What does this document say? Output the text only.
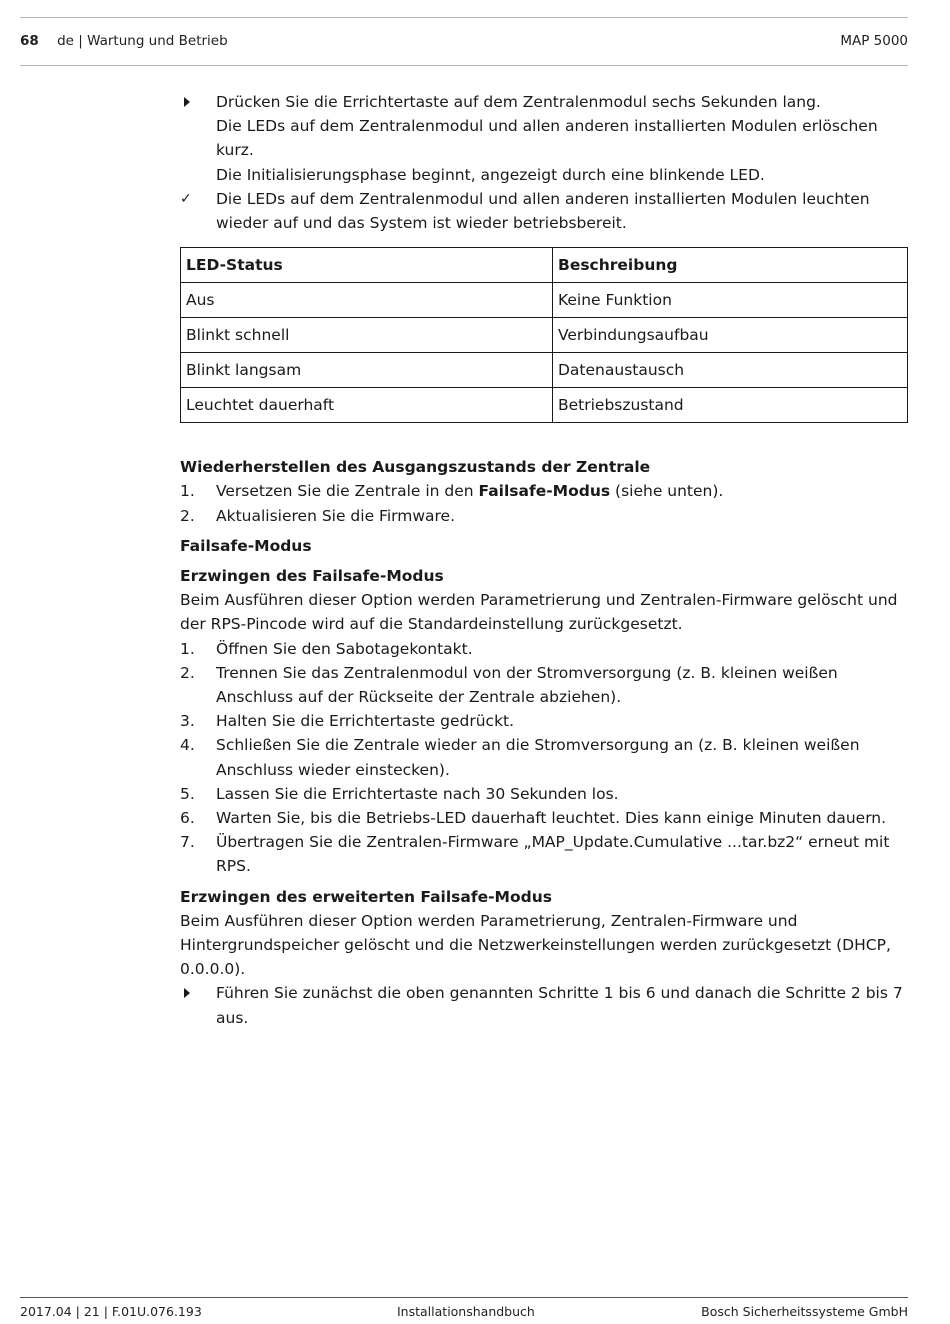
68 de | Wartung und Betrieb	MAP 5000
Drücken Sie die Errichtertaste auf dem Zentralenmodul sechs Sekunden lang.
Die LEDs auf dem Zentralenmodul und allen anderen installierten Modulen erlöschen kurz.
Die Initialisierungsphase beginnt, angezeigt durch eine blinkende LED.
✓ Die LEDs auf dem Zentralenmodul und allen anderen installierten Modulen leuchten wieder auf und das System ist wieder betriebsbereit.
LED-Status	Beschreibung
Aus	Keine Funktion
Blinkt schnell	Verbindungsaufbau
Blinkt langsam	Datenaustausch
Leuchtet dauerhaft	Betriebszustand
Wiederherstellen des Ausgangszustands der Zentrale
1. Versetzen Sie die Zentrale in den Failsafe-Modus (siehe unten).
2. Aktualisieren Sie die Firmware.
Failsafe-Modus
Erzwingen des Failsafe-Modus
Beim Ausführen dieser Option werden Parametrierung und Zentralen-Firmware gelöscht und der RPS-Pincode wird auf die Standardeinstellung zurückgesetzt.
1. Öffnen Sie den Sabotagekontakt.
2. Trennen Sie das Zentralenmodul von der Stromversorgung (z. B. kleinen weißen Anschluss auf der Rückseite der Zentrale abziehen).
3. Halten Sie die Errichtertaste gedrückt.
4. Schließen Sie die Zentrale wieder an die Stromversorgung an (z. B. kleinen weißen Anschluss wieder einstecken).
5. Lassen Sie die Errichtertaste nach 30 Sekunden los.
6. Warten Sie, bis die Betriebs-LED dauerhaft leuchtet. Dies kann einige Minuten dauern.
7. Übertragen Sie die Zentralen-Firmware „MAP_Update.Cumulative ...tar.bz2“ erneut mit RPS.
Erzwingen des erweiterten Failsafe-Modus
Beim Ausführen dieser Option werden Parametrierung, Zentralen-Firmware und Hintergrundspeicher gelöscht und die Netzwerkeinstellungen werden zurückgesetzt (DHCP, 0.0.0.0).
Führen Sie zunächst die oben genannten Schritte 1 bis 6 und danach die Schritte 2 bis 7 aus.
2017.04 | 21 | F.01U.076.193	Installationshandbuch	Bosch Sicherheitssysteme GmbH
